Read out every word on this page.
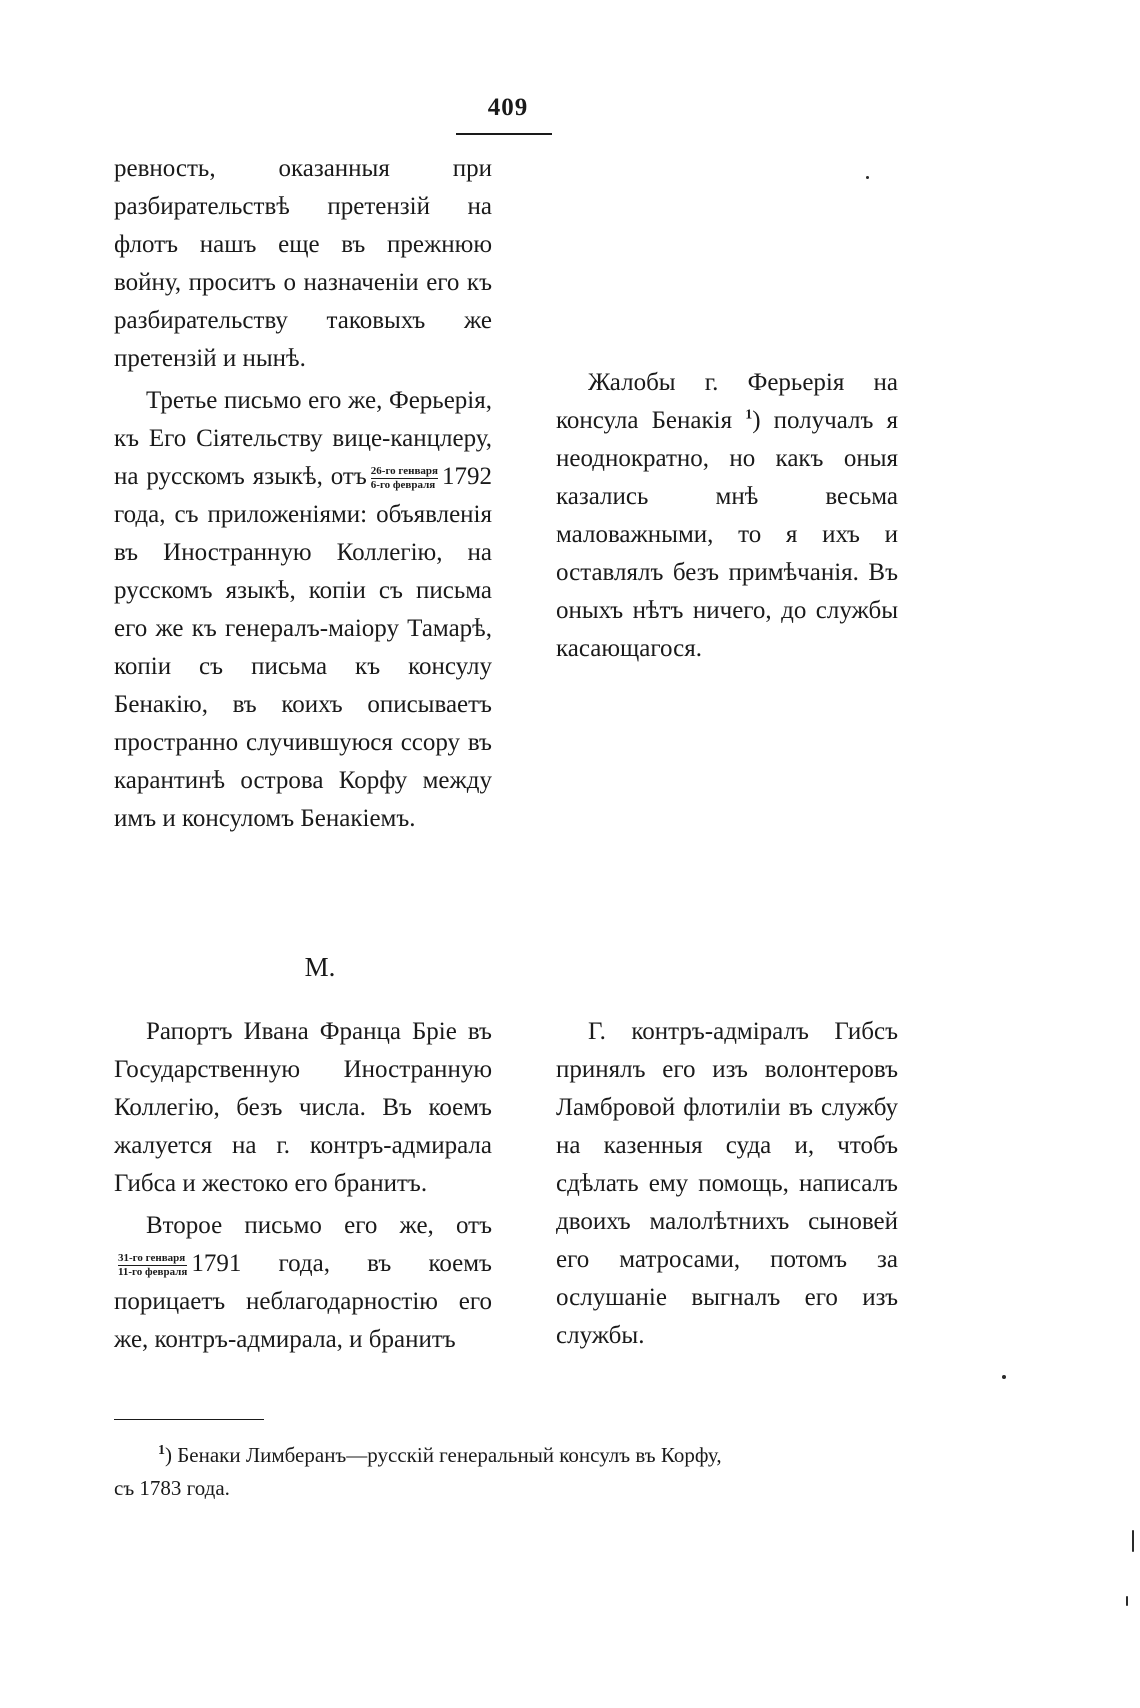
409

ревность, оказанныя при разбирательствѣ претензій на флотъ нашъ еще въ прежнюю войну, проситъ о назначеніи его къ разбирательству таковыхъ же претензій и нынѣ.

Третье письмо его же, Ферьерія, къ Его Сіятельству вице-канцлеру, на русскомъ языкѣ, отъ $\frac{\text{26-го генваря}}{\text{6-го февраля}} 1792$ года, съ приложеніями: объявленія въ Иностранную Коллегію, на русскомъ языкѣ, копіи съ письма его же къ генералъ-маіору Тамарѣ, копіи съ письма къ консулу Бенакію, въ коихъ описываетъ пространно случившуюся ссору въ карантинѣ острова Корфу между имъ и консуломъ Бенакіемъ.

Жалобы г. Ферьерія на консула Бенакія $^1$) получалъ я неоднократно, но какъ оныя казались мнѣ весьма маловажными, то я ихъ и оставлялъ безъ примѣчанія. Въ оныхъ нѣтъ ничего, до службы касающагося.

М.

Рапортъ Ивана Франца Бріе въ Государственную Иностранную Коллегію, безъ числа. Въ коемъ жалуется на г. контръ-адмирала Гибса и жестоко его бранитъ.

Второе письмо его же, отъ
$\frac{\text{31-го генваря}}{\text{11-го февраля}} 1791$ года, въ коемъ порицаетъ неблагодарностію его же, контръ-адмирала, и бранитъ

Г. контръ-адміралъ Гибсъ принялъ его изъ волонтеровъ Ламбровой флотиліи въ службу на казенныя суда и, чтобъ сдѣлать ему помощь, написалъ двоихъ малолѣтнихъ сыновей его матросами, потомъ за ослушаніе выгналъ его изъ службы.

$^1$) Бенаки Лимберанъ—русскій генеральный консулъ въ Корфу,

съ 1783 года.
